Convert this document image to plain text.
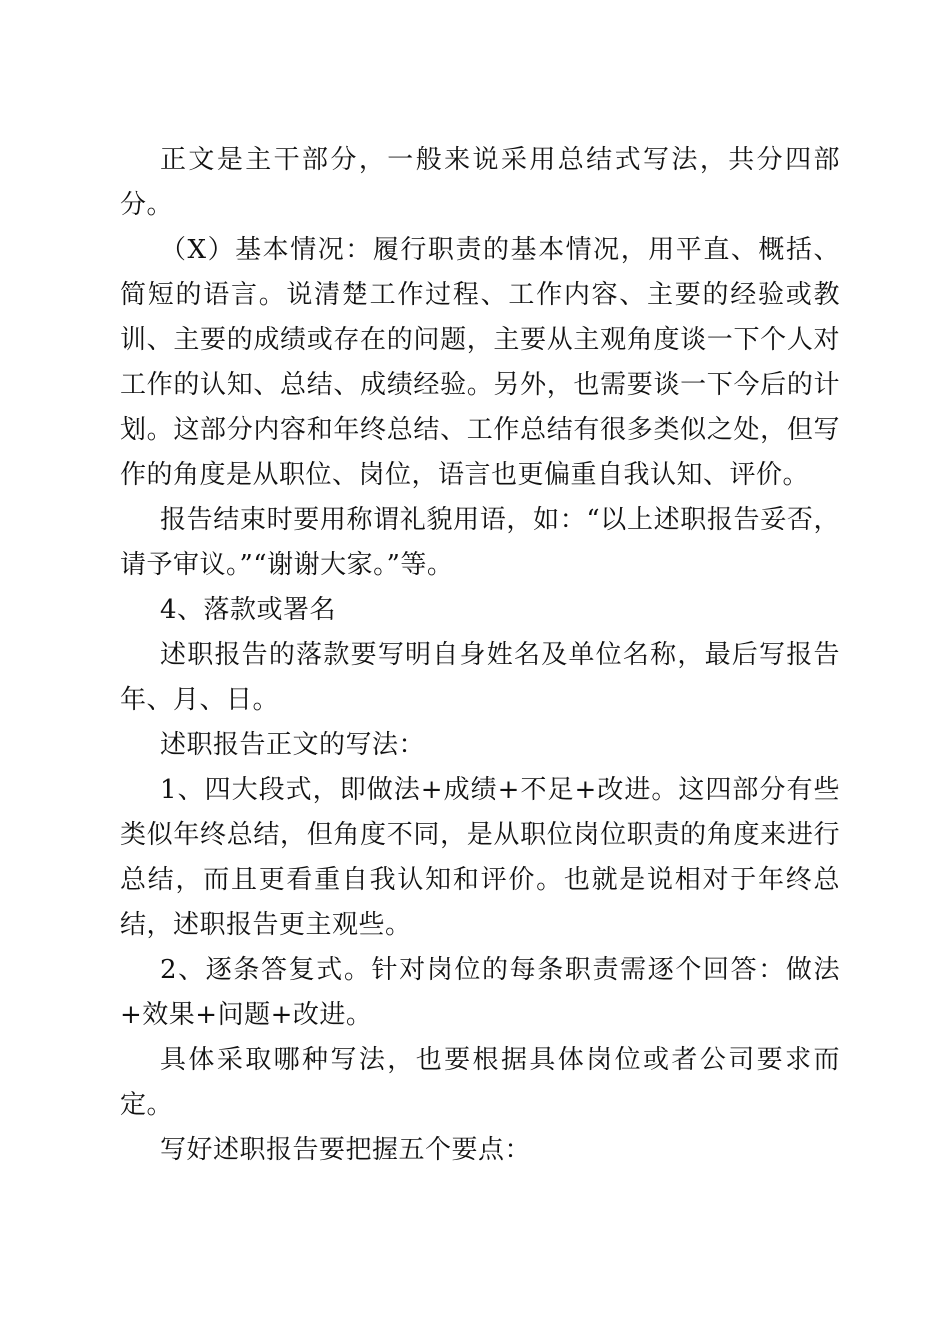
正文是主干部分，一般来说采用总结式写法，共分四部分。

（X）基本情况：履行职责的基本情况，用平直、概括、简短的语言。说清楚工作过程、工作内容、主要的经验或教训、主要的成绩或存在的问题，主要从主观角度谈一下个人对工作的认知、总结、成绩经验。另外，也需要谈一下今后的计划。这部分内容和年终总结、工作总结有很多类似之处，但写作的角度是从职位、岗位，语言也更偏重自我认知、评价。

报告结束时要用称谓礼貌用语，如：“以上述职报告妥否，请予审议。”“谢谢大家。”等。

4、落款或署名

述职报告的落款要写明自身姓名及单位名称，最后写报告年、月、日。

述职报告正文的写法：

1、四大段式，即做法+成绩+不足+改进。这四部分有些类似年终总结，但角度不同，是从职位岗位职责的角度来进行总结，而且更看重自我认知和评价。也就是说相对于年终总结，述职报告更主观些。

2、逐条答复式。针对岗位的每条职责需逐个回答：做法+效果+问题+改进。

具体采取哪种写法，也要根据具体岗位或者公司要求而定。

写好述职报告要把握五个要点：
